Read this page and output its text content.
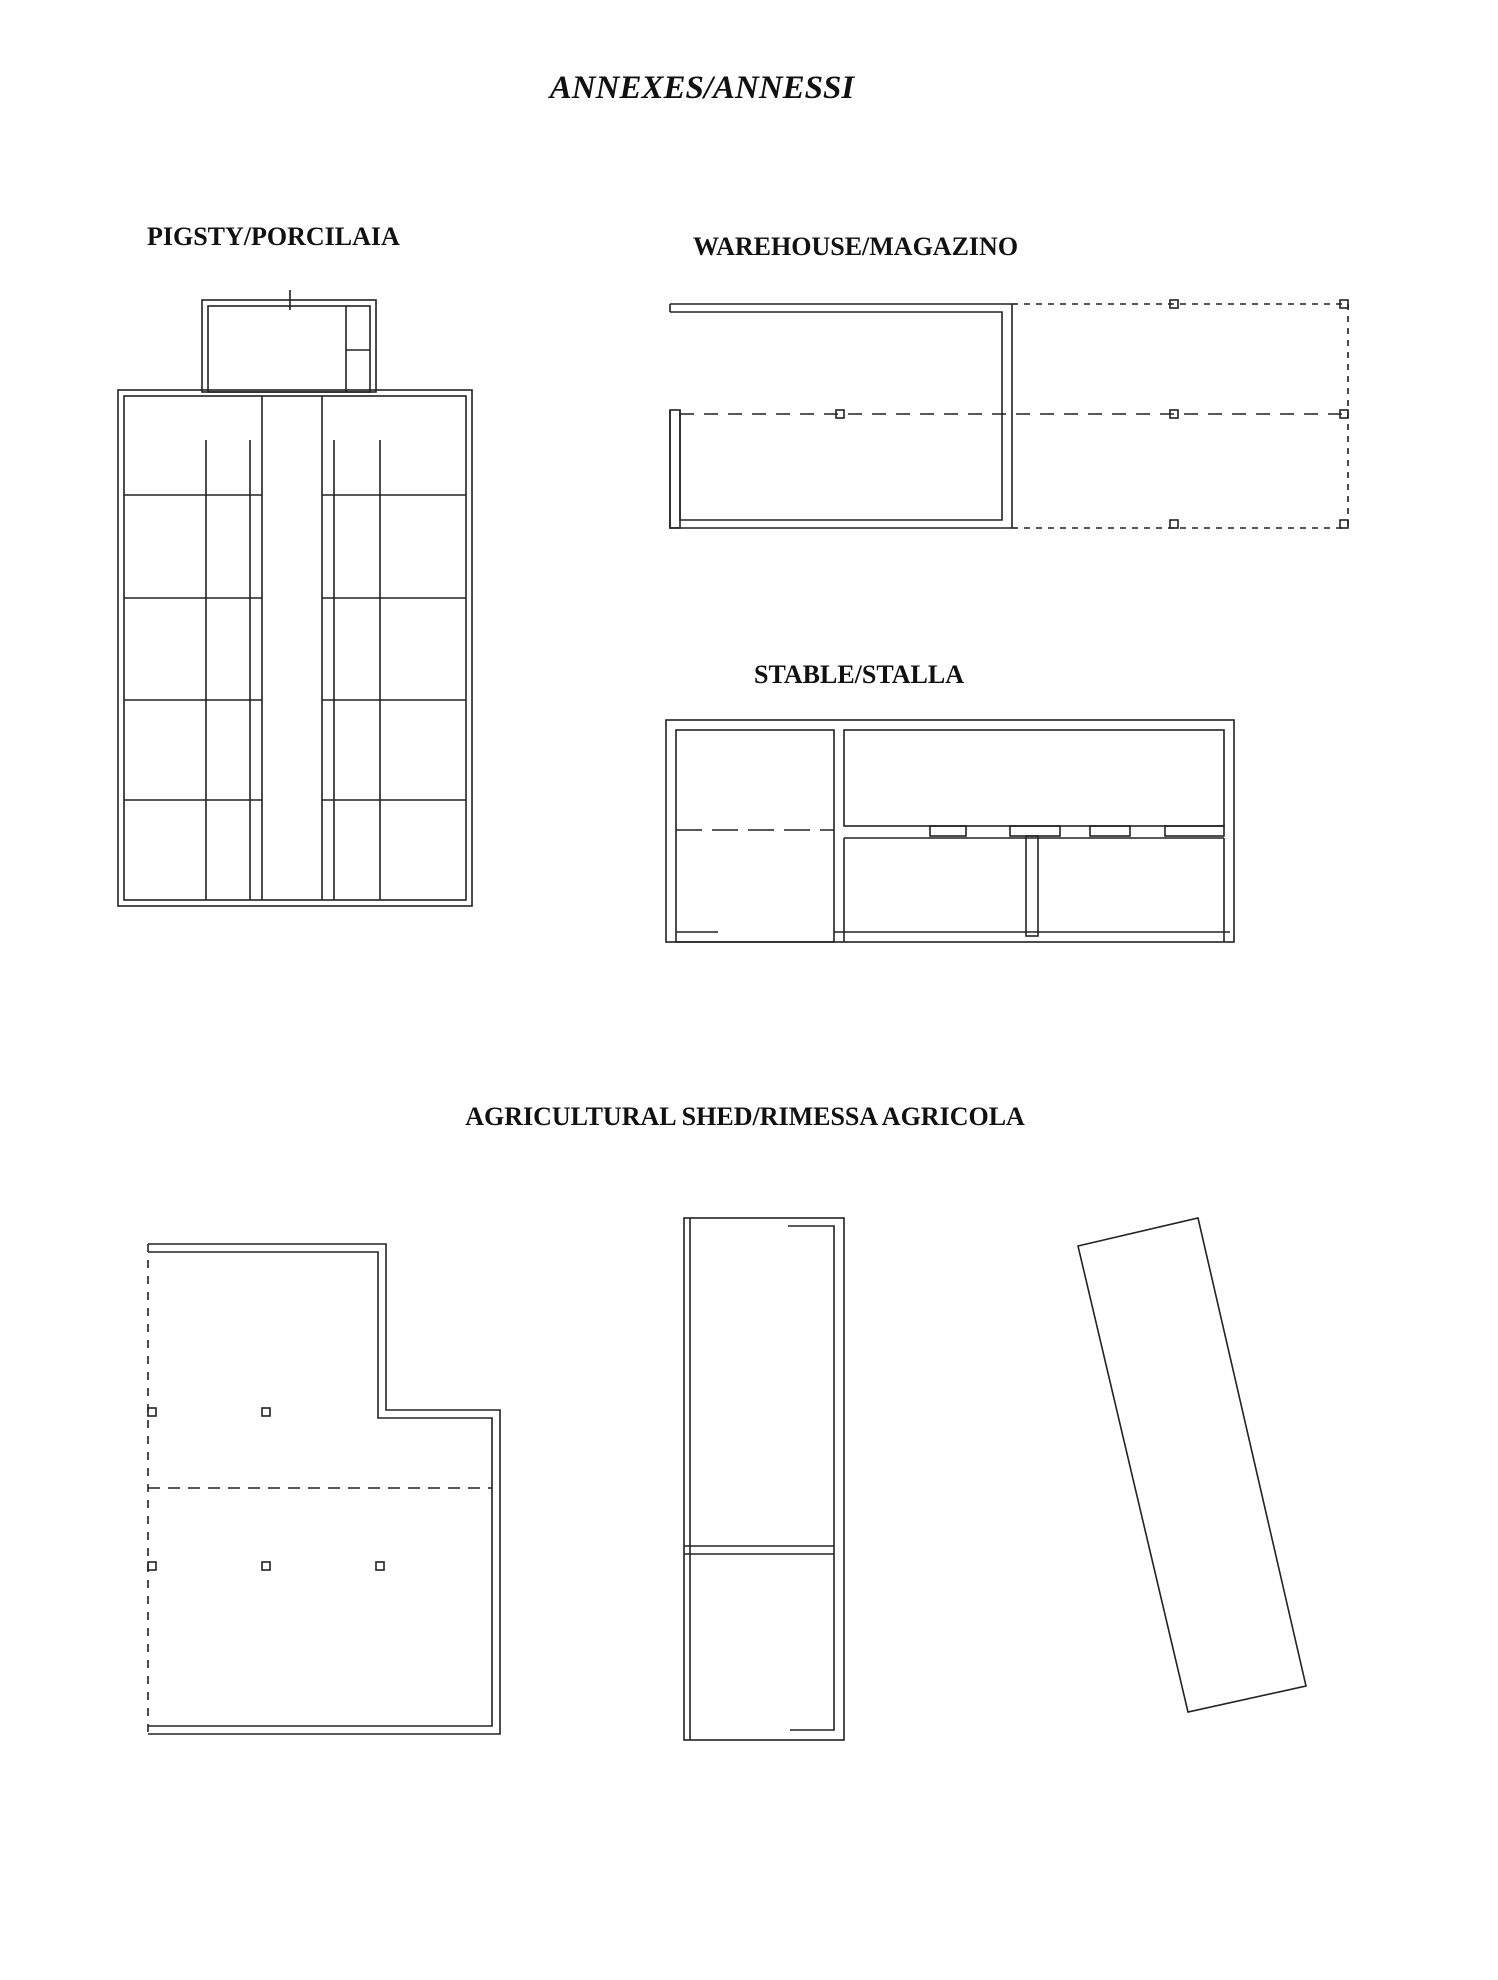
ANNEXES/ANNESSI
PIGSTY/PORCILAIA	WAREHOUSE/MAGAZINO
STABLE/STALLA
AGRICULTURAL SHED/RIMESSA AGRICOLA
